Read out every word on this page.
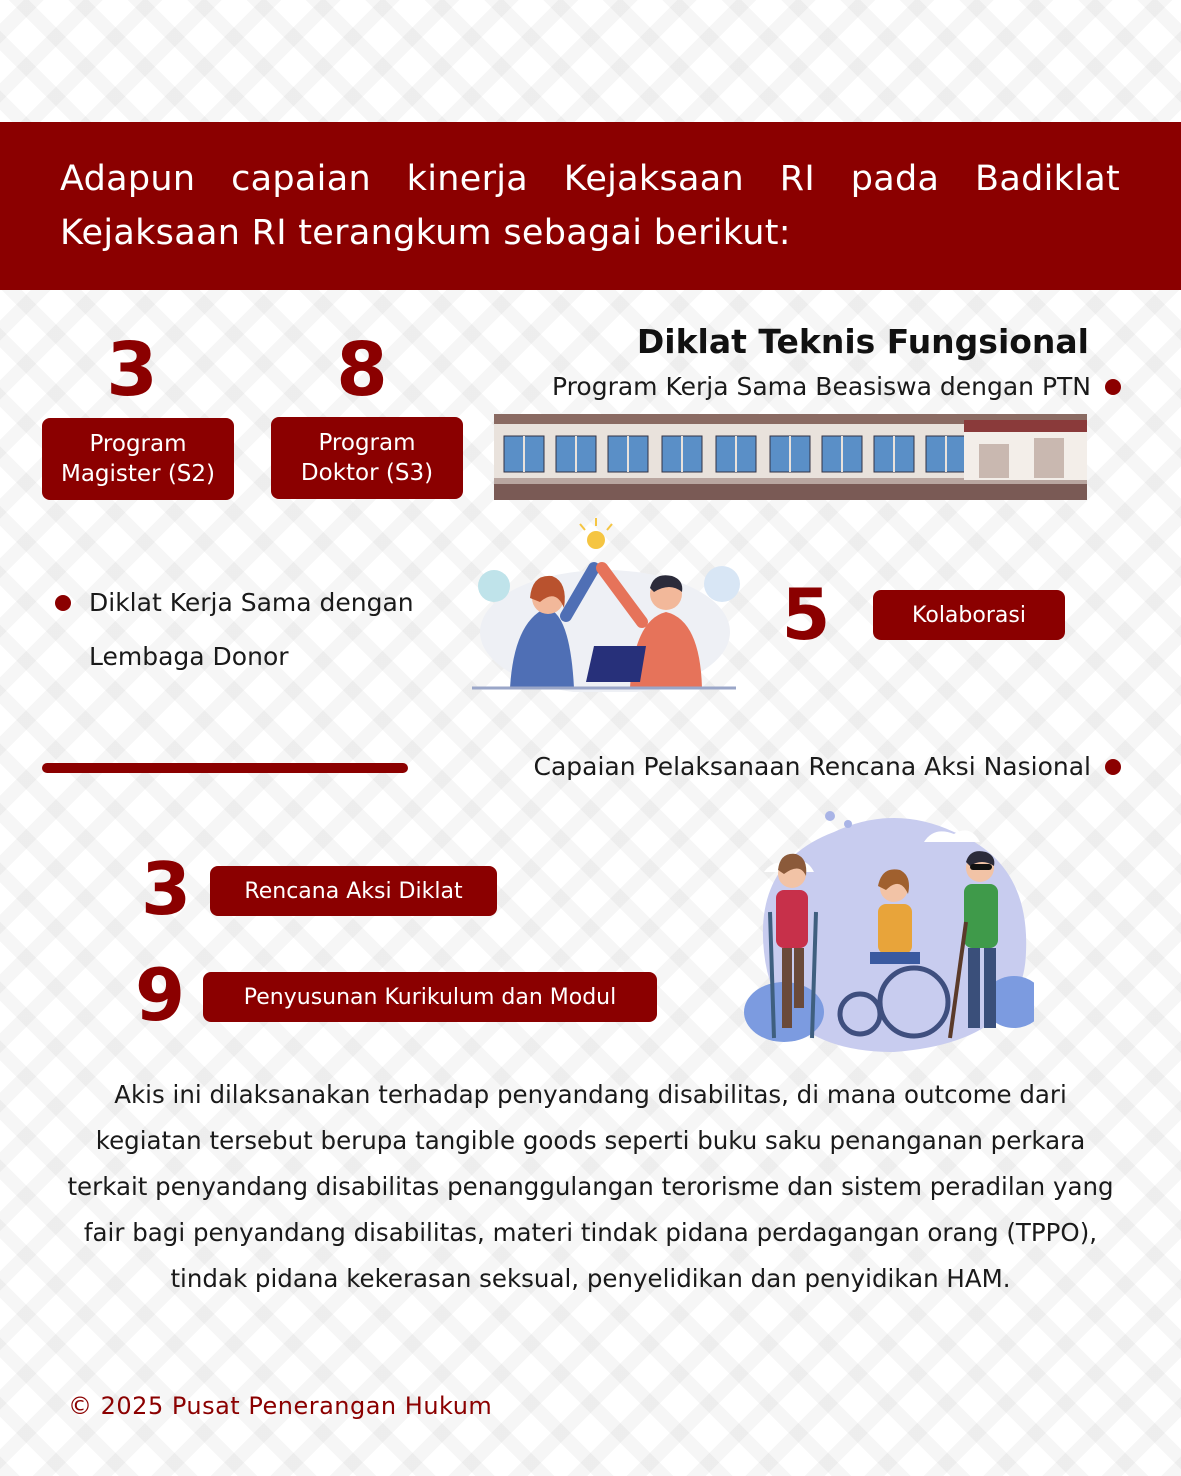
Adapun capaian kinerja Kejaksaan RI pada Badiklat Kejaksaan RI terangkum sebagai berikut:
Diklat Teknis Fungsional
Program Kerja Sama Beasiswa dengan PTN
3
Program
Magister (S2)
8
Program
Doktor (S3)
Diklat Kerja Sama dengan
Lembaga Donor
5	Kolaborasi
Capaian Pelaksanaan Rencana Aksi Nasional
3	Rencana Aksi Diklat
9	Penyusunan Kurikulum dan Modul
Akis ini dilaksanakan terhadap penyandang disabilitas, di mana outcome dari kegiatan tersebut berupa tangible goods seperti buku saku penanganan perkara terkait penyandang disabilitas penanggulangan terorisme dan sistem peradilan yang fair bagi penyandang disabilitas, materi tindak pidana perdagangan orang (TPPO), tindak pidana kekerasan seksual, penyelidikan dan penyidikan HAM.
© 2025 Pusat Penerangan Hukum
